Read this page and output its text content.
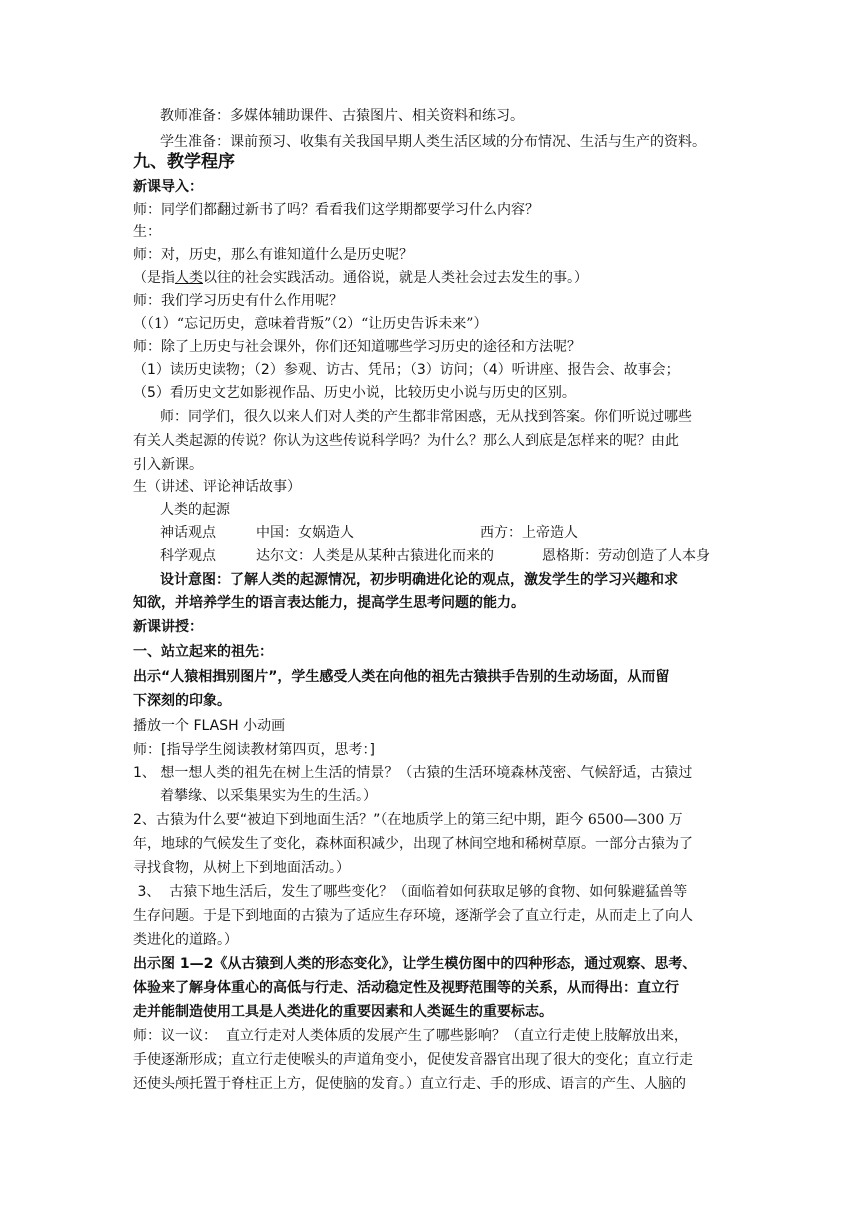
教师准备：多媒体辅助课件、古猿图片、相关资料和练习。
学生准备：课前预习、收集有关我国早期人类生活区域的分布情况、生活与生产的资料。
九、教学程序
新课导入：
师：同学们都翻过新书了吗？看看我们这学期都要学习什么内容？
生：
师：对，历史，那么有谁知道什么是历史呢？
（是指人类以往的社会实践活动。通俗说，就是人类社会过去发生的事。）
师：我们学习历史有什么作用呢？
（（1）“忘记历史，意味着背叛”（2）“让历史告诉未来”）
师：除了上历史与社会课外，你们还知道哪些学习历史的途径和方法呢？
（1）读历史读物；（2）参观、访古、凭吊；（3）访问；（4）听讲座、报告会、故事会；
（5）看历史文艺如影视作品、历史小说，比较历史小说与历史的区别。
师：同学们，很久以来人们对人类的产生都非常困惑，无从找到答案。你们听说过哪些
有关人类起源的传说？你认为这些传说科学吗？为什么？那么人到底是怎样来的呢？由此
引入新课。
生（讲述、评论神话故事）
人类的起源
神话观点	中国：女娲造人	西方：上帝造人
科学观点	达尔文：人类是从某种古猿进化而来的	恩格斯：劳动创造了人本身
设计意图：了解人类的起源情况，初步明确进化论的观点，激发学生的学习兴趣和求
知欲，并培养学生的语言表达能力，提高学生思考问题的能力。
新课讲授：
一、站立起来的祖先：
出示“人猿相揖别图片”，学生感受人类在向他的祖先古猿拱手告别的生动场面，从而留
下深刻的印象。
播放一个 FLASH 小动画
师：[指导学生阅读教材第四页，思考：]
1、 想一想人类的祖先在树上生活的情景？（古猿的生活环境森林茂密、气候舒适，古猿过
着攀缘、以采集果实为生的生活。）
2、古猿为什么要“被迫下到地面生活？”（在地质学上的第三纪中期，距今 6500—300 万
年，地球的气候发生了变化，森林面积减少，出现了林间空地和稀树草原。一部分古猿为了
寻找食物，从树上下到地面活动。）
3、  古猿下地生活后，发生了哪些变化？（面临着如何获取足够的食物、如何躲避猛兽等
生存问题。于是下到地面的古猿为了适应生存环境，逐渐学会了直立行走，从而走上了向人
类进化的道路。）
出示图 1—2《从古猿到人类的形态变化》，让学生模仿图中的四种形态，通过观察、思考、
体验来了解身体重心的高低与行走、活动稳定性及视野范围等的关系，从而得出：直立行
走并能制造使用工具是人类进化的重要因素和人类诞生的重要标志。
师：议一议：  直立行走对人类体质的发展产生了哪些影响？（直立行走使上肢解放出来，
手使逐渐形成；直立行走使喉头的声道角变小，促使发音器官出现了很大的变化；直立行走
还使头颅托置于脊柱正上方，促使脑的发育。）直立行走、手的形成、语言的产生、人脑的
